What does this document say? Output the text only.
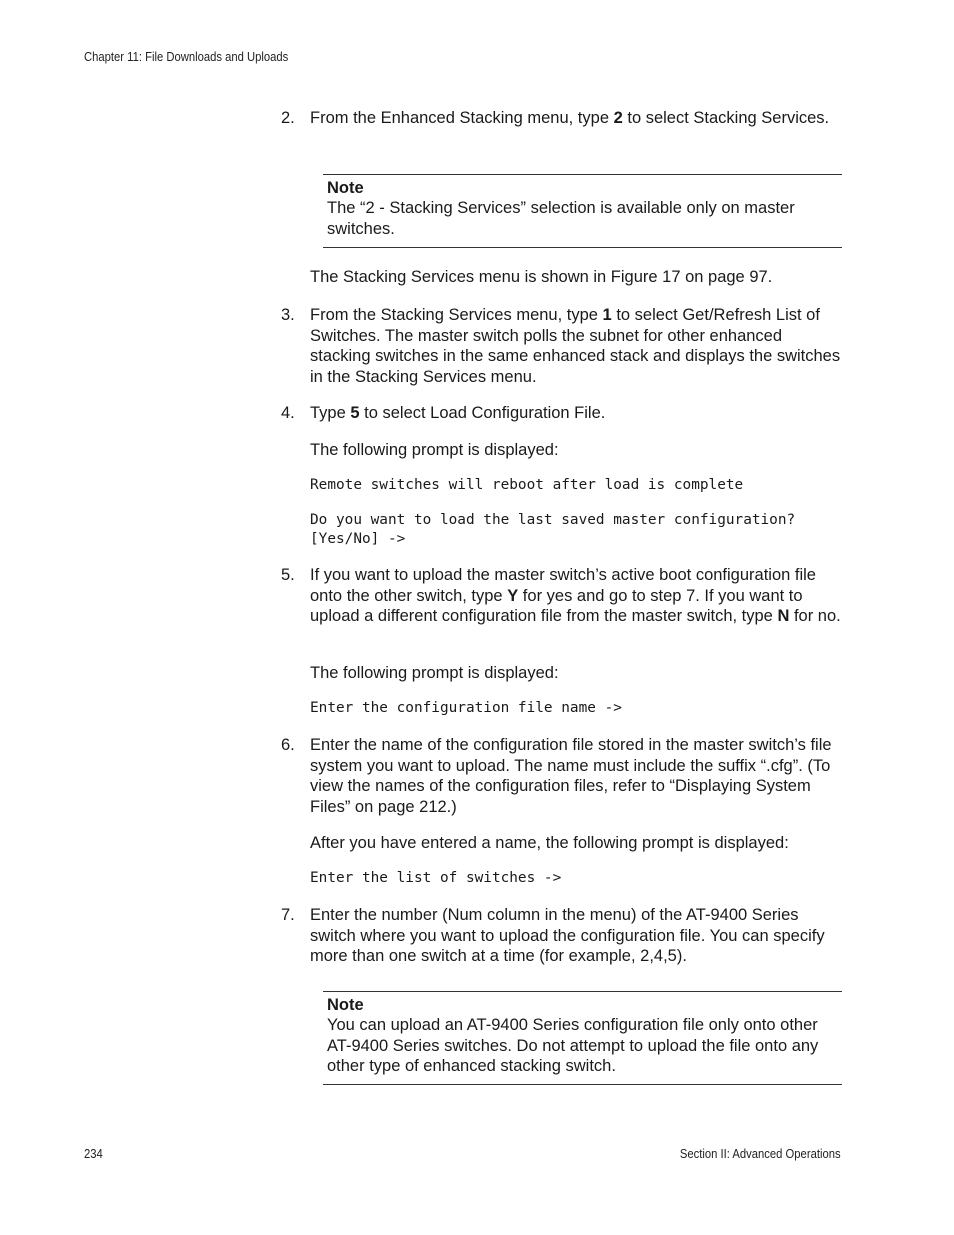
Chapter 11: File Downloads and Uploads
2. From the Enhanced Stacking menu, type 2 to select Stacking Services.

Note
The “2 - Stacking Services” selection is available only on master switches.

The Stacking Services menu is shown in Figure 17 on page 97.

3. From the Stacking Services menu, type 1 to select Get/Refresh List of Switches. The master switch polls the subnet for other enhanced stacking switches in the same enhanced stack and displays the switches in the Stacking Services menu.

4. Type 5 to select Load Configuration File.

The following prompt is displayed:

Remote switches will reboot after load is complete
Do you want to load the last saved master configuration?
[Yes/No] ->
5. If you want to upload the master switch’s active boot configuration file onto the other switch, type Y for yes and go to step 7. If you want to upload a different configuration file from the master switch, type N for no.

The following prompt is displayed:

Enter the configuration file name ->
6. Enter the name of the configuration file stored in the master switch’s file system you want to upload. The name must include the suffix “.cfg”. (To view the names of the configuration files, refer to “Displaying System Files” on page 212.)

After you have entered a name, the following prompt is displayed:

Enter the list of switches ->
7. Enter the number (Num column in the menu) of the AT-9400 Series switch where you want to upload the configuration file. You can specify more than one switch at a time (for example, 2,4,5).

Note
You can upload an AT-9400 Series configuration file only onto other AT-9400 Series switches. Do not attempt to upload the file onto any other type of enhanced stacking switch.
234	Section II: Advanced Operations
